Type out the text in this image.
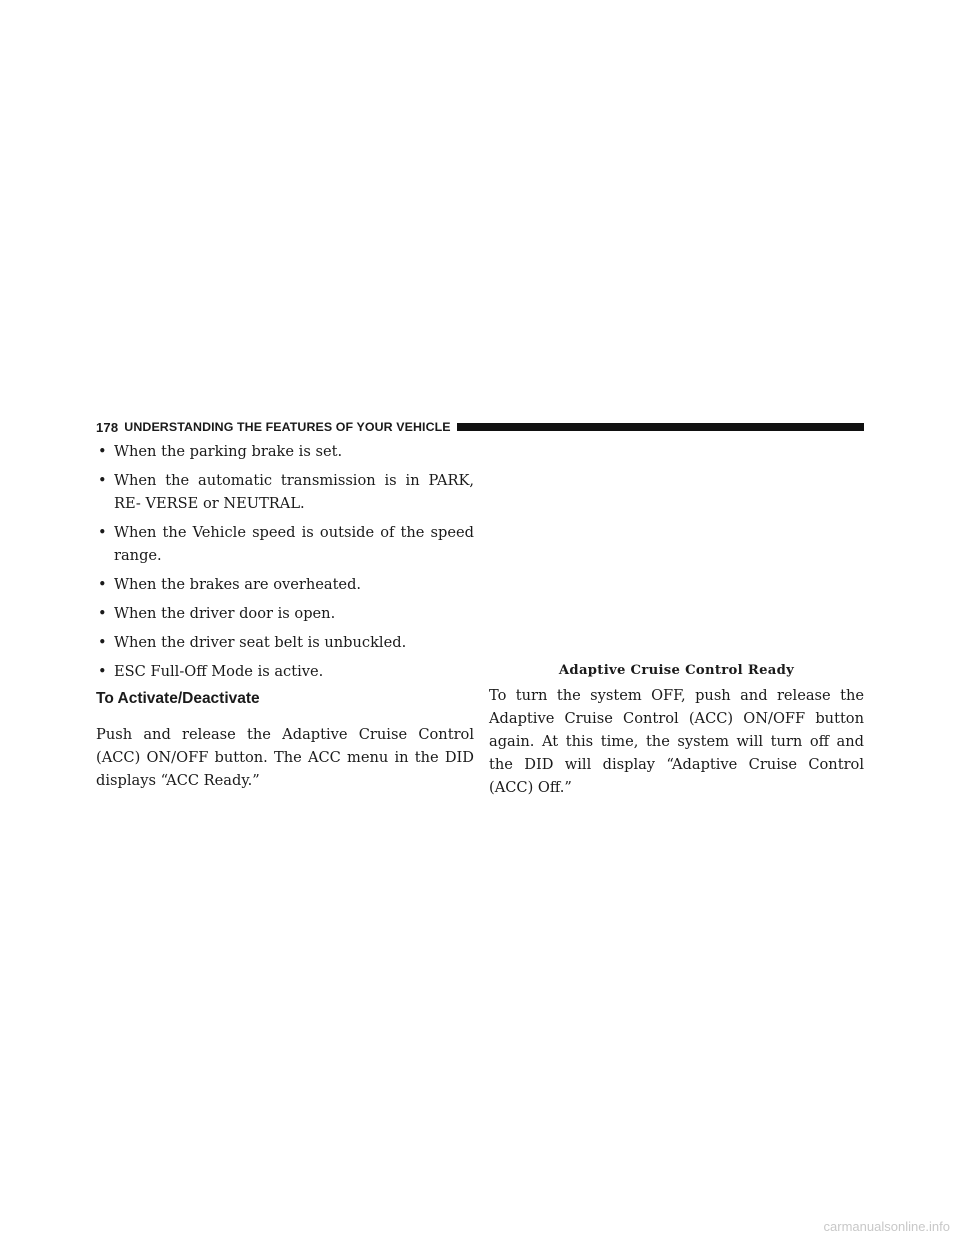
178 UNDERSTANDING THE FEATURES OF YOUR VEHICLE
• When the parking brake is set.
• When the automatic transmission is in PARK, RE- VERSE or NEUTRAL.
• When the Vehicle speed is outside of the speed range.
• When the brakes are overheated.
• When the driver door is open.
• When the driver seat belt is unbuckled.
• ESC Full-Off Mode is active.
To Activate/Deactivate

Push and release the Adaptive Cruise Control (ACC) ON/OFF button. The ACC menu in the DID displays “ACC Ready.”

Adaptive Cruise Control Ready

To turn the system OFF, push and release the Adaptive Cruise Control (ACC) ON/OFF button again. At this time, the system will turn off and the DID will display “Adaptive Cruise Control (ACC) Off.”

carmanualsonline.info
